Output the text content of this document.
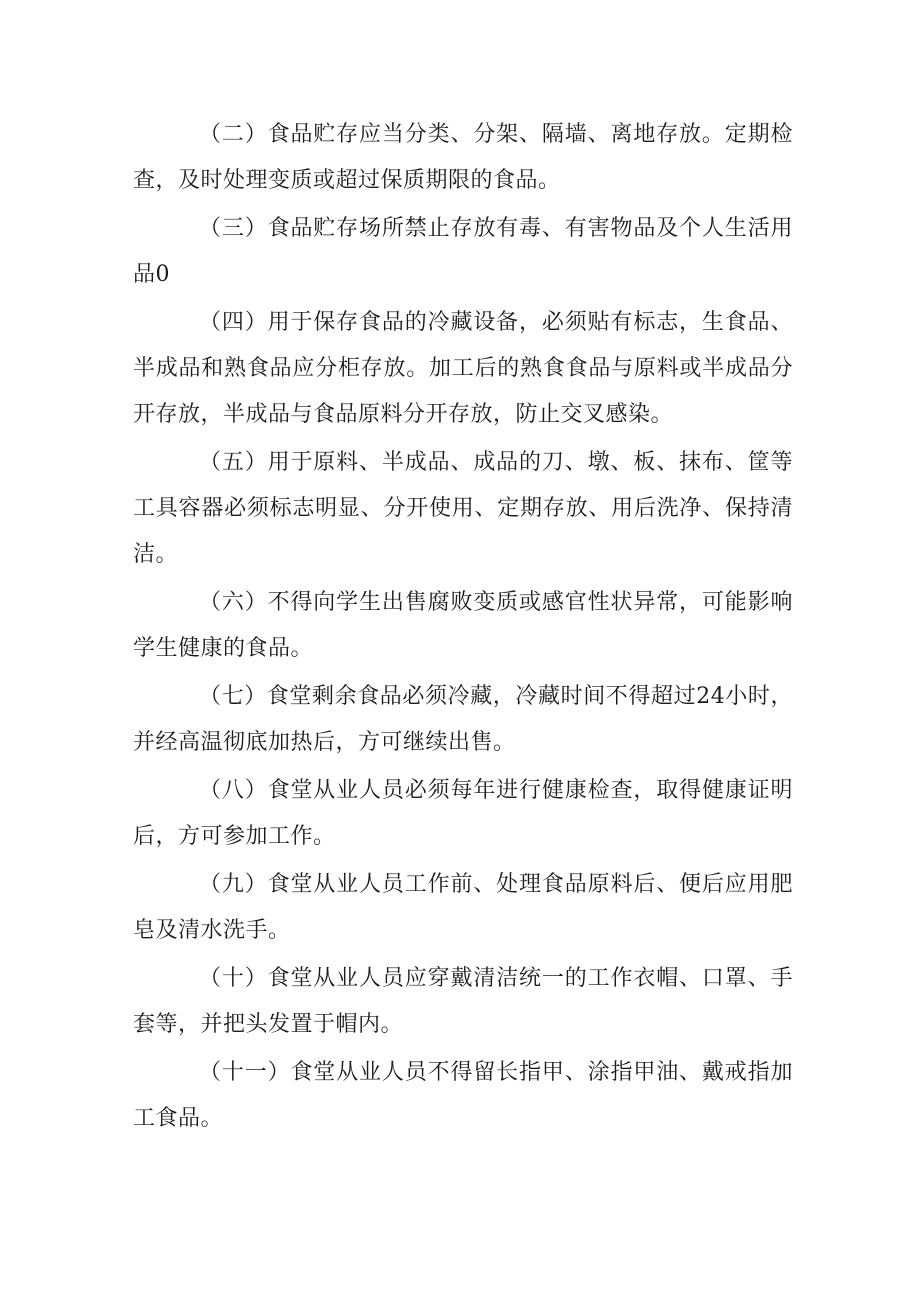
（二）食品贮存应当分类、分架、隔墙、离地存放。定期检查，及时处理变质或超过保质期限的食品。

（三）食品贮存场所禁止存放有毒、有害物品及个人生活用品0

（四）用于保存食品的冷藏设备，必须贴有标志，生食品、半成品和熟食品应分柜存放。加工后的熟食食品与原料或半成品分开存放，半成品与食品原料分开存放，防止交叉感染。

（五）用于原料、半成品、成品的刀、墩、板、抹布、筐等工具容器必须标志明显、分开使用、定期存放、用后洗净、保持清洁。

（六）不得向学生出售腐败变质或感官性状异常，可能影响学生健康的食品。

（七）食堂剩余食品必须冷藏，冷藏时间不得超过24小时，并经高温彻底加热后，方可继续出售。

（八）食堂从业人员必须每年进行健康检查，取得健康证明后，方可参加工作。

（九）食堂从业人员工作前、处理食品原料后、便后应用肥皂及清水洗手。

（十）食堂从业人员应穿戴清洁统一的工作衣帽、口罩、手套等，并把头发置于帽内。

（十一）食堂从业人员不得留长指甲、涂指甲油、戴戒指加工食品。
